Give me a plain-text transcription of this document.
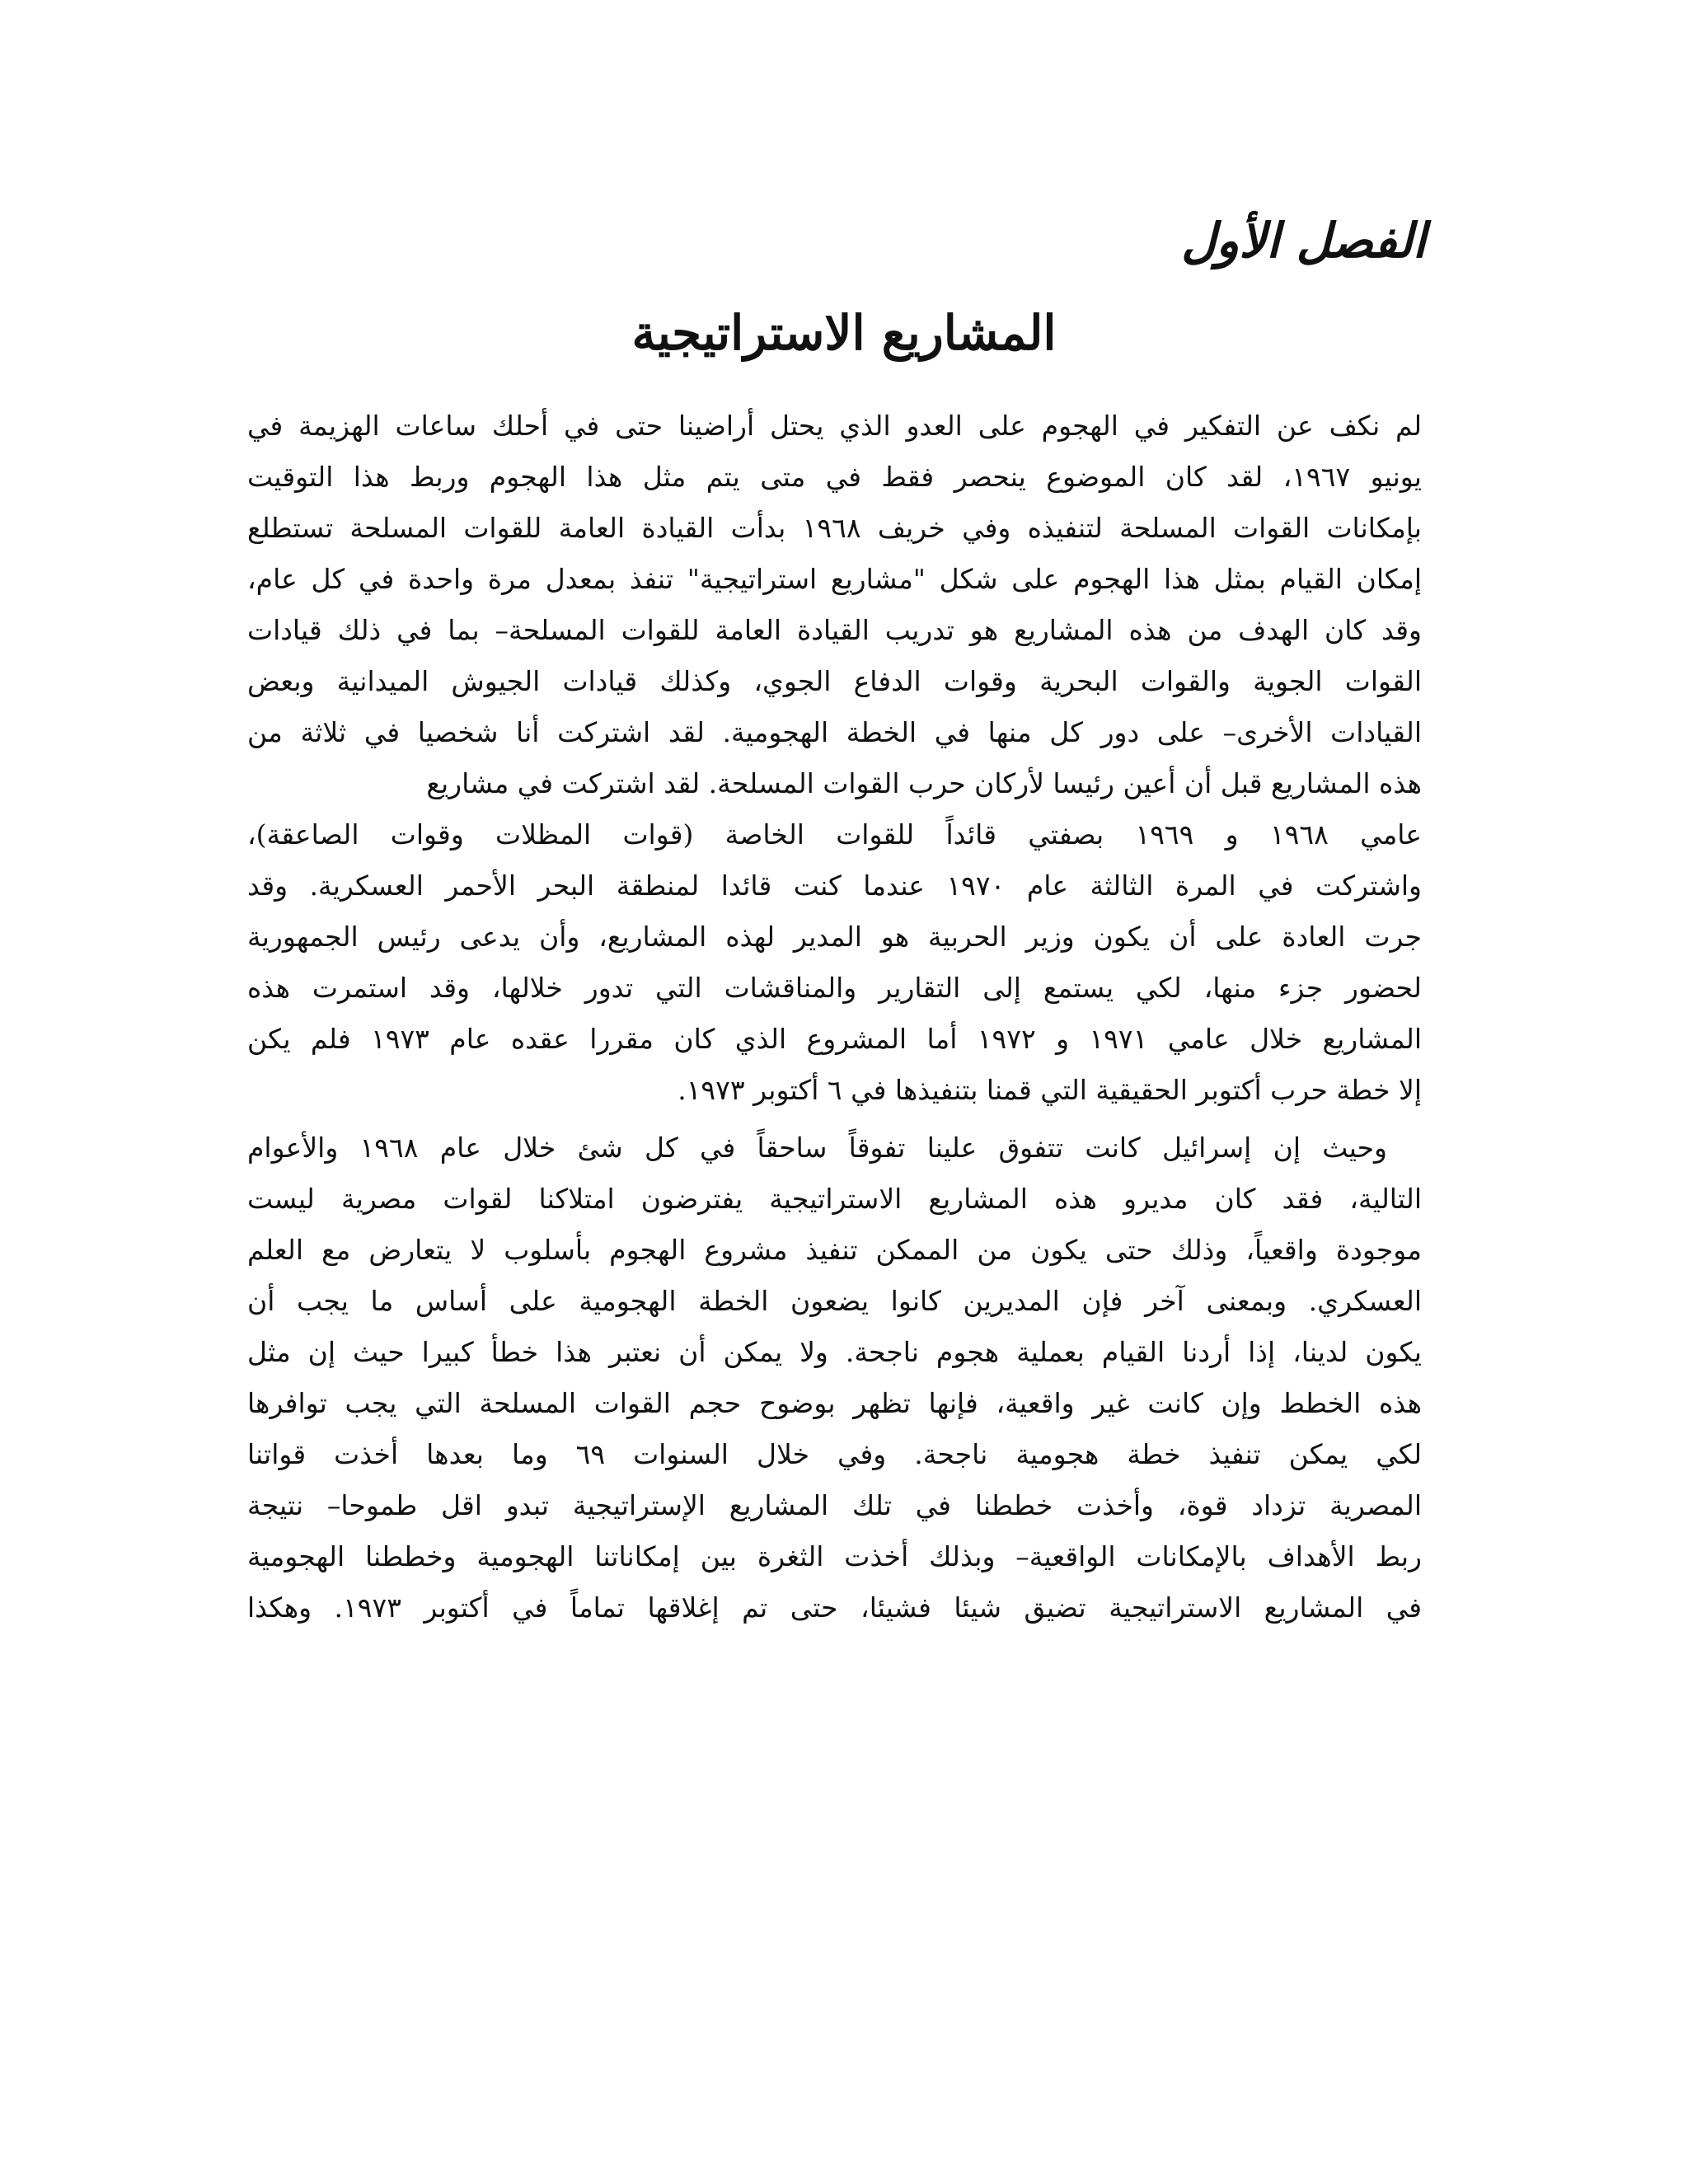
الفصل الأول
المشاريع الاستراتيجية
لم نكف عن التفكير في الهجوم على العدو الذي يحتل أراضينا حتى في أحلك ساعات الهزيمة في
يونيو ١٩٦٧، لقد كان الموضوع ينحصر فقط في متى يتم مثل هذا الهجوم وربط هذا التوقيت
بإمكانات القوات المسلحة لتنفيذه وفي خريف ١٩٦٨ بدأت القيادة العامة للقوات المسلحة تستطلع
إمكان القيام بمثل هذا الهجوم على شكل "مشاريع استراتيجية" تنفذ بمعدل مرة واحدة في كل عام،
وقد كان الهدف من هذه المشاريع هو تدريب القيادة العامة للقوات المسلحة– بما في ذلك قيادات
القوات الجوية والقوات البحرية وقوات الدفاع الجوي، وكذلك قيادات الجيوش الميدانية وبعض
القيادات الأخرى– على دور كل منها في الخطة الهجومية. لقد اشتركت أنا شخصيا في ثلاثة من
هذه المشاريع قبل أن أعين رئيسا لأركان حرب القوات المسلحة. لقد اشتركت في مشاريع
عامي ١٩٦٨ و ١٩٦٩ بصفتي قائداً للقوات الخاصة (قوات المظلات وقوات الصاعقة)،
واشتركت في المرة الثالثة عام ١٩٧٠ عندما كنت قائدا لمنطقة البحر الأحمر العسكرية. وقد
جرت العادة على أن يكون وزير الحربية هو المدير لهذه المشاريع، وأن يدعى رئيس الجمهورية
لحضور جزء منها، لكي يستمع إلى التقارير والمناقشات التي تدور خلالها، وقد استمرت هذه
المشاريع خلال عامي ١٩٧١ و ١٩٧٢ أما المشروع الذي كان مقررا عقده عام ١٩٧٣ فلم يكن
إلا خطة حرب أكتوبر الحقيقية التي قمنا بتنفيذها في ٦ أكتوبر ١٩٧٣.
وحيث إن إسرائيل كانت تتفوق علينا تفوقاً ساحقاً في كل شئ خلال عام ١٩٦٨ والأعوام
التالية، فقد كان مديرو هذه المشاريع الاستراتيجية يفترضون امتلاكنا لقوات مصرية ليست
موجودة واقعياً، وذلك حتى يكون من الممكن تنفيذ مشروع الهجوم بأسلوب لا يتعارض مع العلم
العسكري. وبمعنى آخر فإن المديرين كانوا يضعون الخطة الهجومية على أساس ما يجب أن
يكون لدينا، إذا أردنا القيام بعملية هجوم ناجحة. ولا يمكن أن نعتبر هذا خطأ كبيرا حيث إن مثل
هذه الخطط وإن كانت غير واقعية، فإنها تظهر بوضوح حجم القوات المسلحة التي يجب توافرها
لكي يمكن تنفيذ خطة هجومية ناجحة. وفي خلال السنوات ٦٩ وما بعدها أخذت قواتنا
المصرية تزداد قوة، وأخذت خططنا في تلك المشاريع الإستراتيجية تبدو اقل طموحا– نتيجة
ربط الأهداف بالإمكانات الواقعية– وبذلك أخذت الثغرة بين إمكاناتنا الهجومية وخططنا الهجومية
في المشاريع الاستراتيجية تضيق شيئا فشيئا، حتى تم إغلاقها تماماً في أكتوبر ١٩٧٣. وهكذا
